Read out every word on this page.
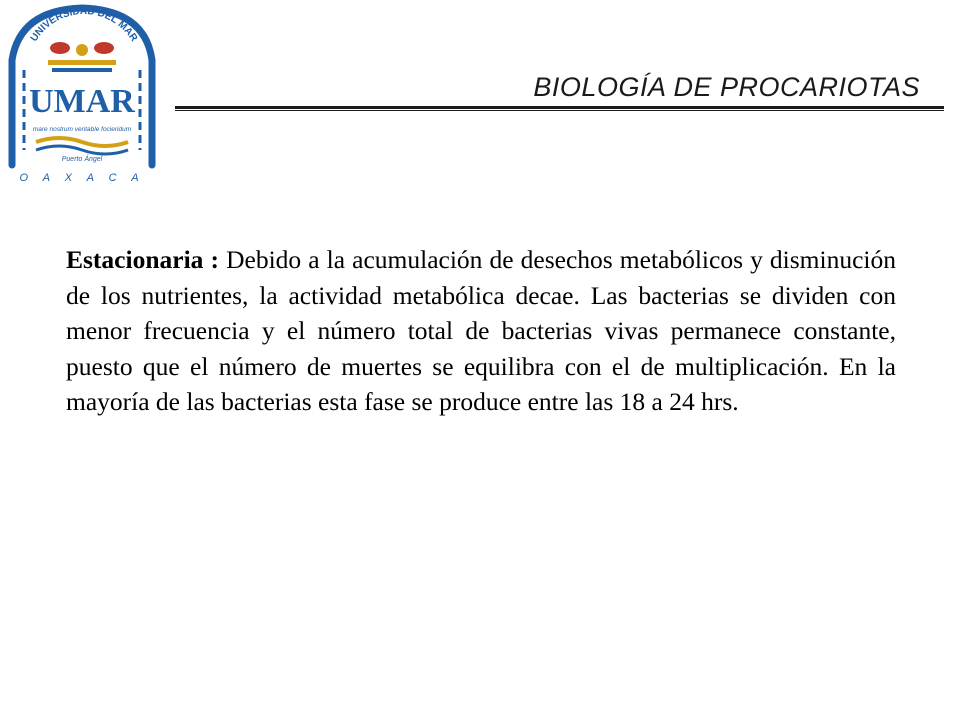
UNIVERSIDAD DEL MAR
UMAR
mare nostrum veritable focieridum
Puerto Ángel
O A X A C A
BIOLOGÍA DE PROCARIOTAS
Estacionaria : Debido a la acumulación de desechos metabólicos y disminución de los nutrientes, la actividad metabólica decae. Las bacterias se dividen con menor frecuencia y el número total de bacterias vivas permanece constante, puesto que el número de muertes se equilibra con el de multiplicación. En la mayoría de las bacterias esta fase se produce entre las 18 a 24 hrs.
